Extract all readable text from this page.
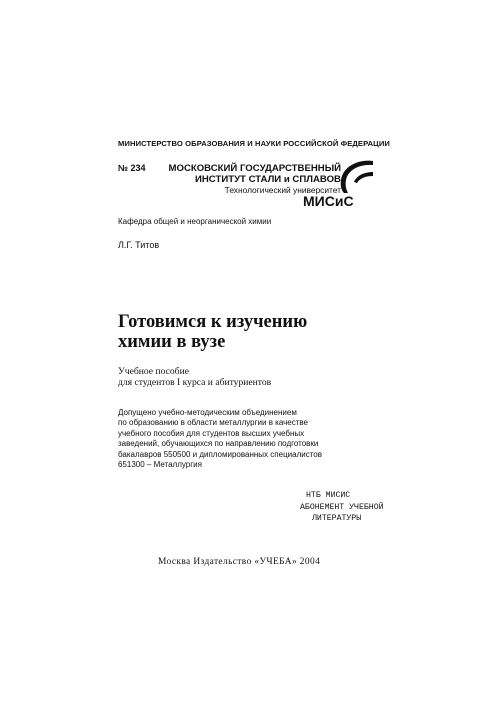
МИНИСТЕРСТВО ОБРАЗОВАНИЯ И НАУКИ РОССИЙСКОЙ ФЕДЕРАЦИИ

№ 234 МОСКОВСКИЙ ГОСУДАРСТВЕННЫЙ
ИНСТИТУТ СТАЛИ и СПЛАВОВ
Технологический университет

МИСиС

Кафедра общей и неорганической химии

Л.Г. Титов

Готовимся к изучению
химии в вузе
Учебное пособие
для студентов I курса и абитуриентов
Допущено учебно-методическим объединением
по образованию в области металлургии в качестве
учебного пособия для студентов высших учебных
заведений, обучающихся по направлению подготовки
бакалавров 550500 и дипломированных специалистов
651300 – Металлургия
НТБ МИСИС
АБОНЕМЕНТ УЧЕБНОЙ
ЛИТЕРАТУРЫ

Москва Издательство «УЧЕБА» 2004
